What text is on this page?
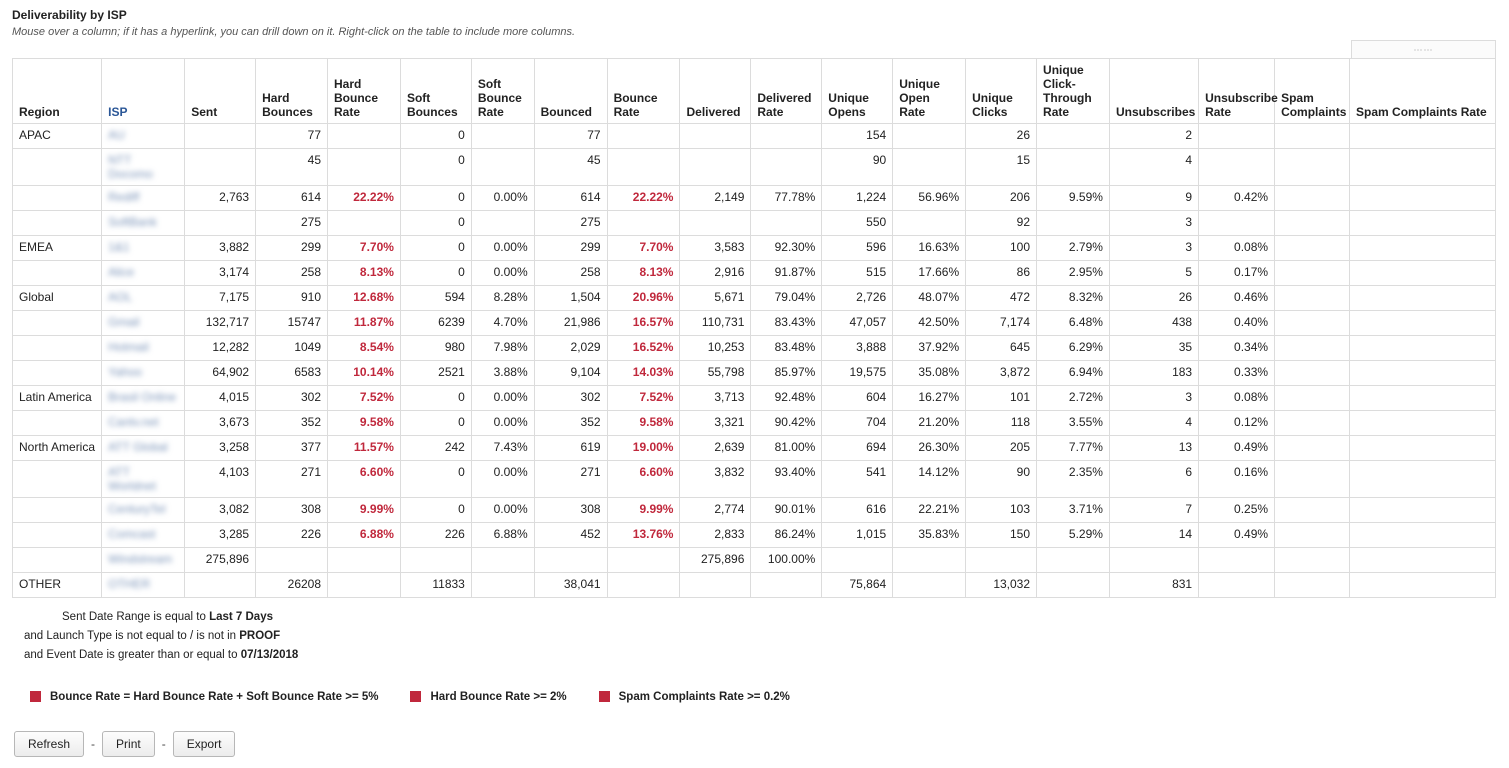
Deliverability by ISP
Mouse over a column; if it has a hyperlink, you can drill down on it. Right-click on the table to include more columns.
⋯⋯
Region	ISP	Sent	Hard Bounces	Hard Bounce Rate	Soft Bounces	Soft Bounce Rate	Bounced	Bounce Rate	Delivered	Delivered Rate	Unique Opens	Unique Open Rate	Unique Clicks	Unique Click-Through Rate	Unsubscribes	Unsubscribe Rate	Spam Complaints	Spam Complaints Rate
APAC	AU		77		0		77				154		26		2			
	NTT Docomo		45		0		45				90		15		4			
	Rediff	2,763	614	22.22%	0	0.00%	614	22.22%	2,149	77.78%	1,224	56.96%	206	9.59%	9	0.42%		
	SoftBank		275		0		275				550		92		3			
EMEA	1&1	3,882	299	7.70%	0	0.00%	299	7.70%	3,583	92.30%	596	16.63%	100	2.79%	3	0.08%		
	Alice	3,174	258	8.13%	0	0.00%	258	8.13%	2,916	91.87%	515	17.66%	86	2.95%	5	0.17%		
Global	AOL	7,175	910	12.68%	594	8.28%	1,504	20.96%	5,671	79.04%	2,726	48.07%	472	8.32%	26	0.46%		
	Gmail	132,717	15747	11.87%	6239	4.70%	21,986	16.57%	110,731	83.43%	47,057	42.50%	7,174	6.48%	438	0.40%		
	Hotmail	12,282	1049	8.54%	980	7.98%	2,029	16.52%	10,253	83.48%	3,888	37.92%	645	6.29%	35	0.34%		
	Yahoo	64,902	6583	10.14%	2521	3.88%	9,104	14.03%	55,798	85.97%	19,575	35.08%	3,872	6.94%	183	0.33%		
Latin America	Brasil Online	4,015	302	7.52%	0	0.00%	302	7.52%	3,713	92.48%	604	16.27%	101	2.72%	3	0.08%		
	Cantv.net	3,673	352	9.58%	0	0.00%	352	9.58%	3,321	90.42%	704	21.20%	118	3.55%	4	0.12%		
North America	ATT Global	3,258	377	11.57%	242	7.43%	619	19.00%	2,639	81.00%	694	26.30%	205	7.77%	13	0.49%		
	ATT Worldnet	4,103	271	6.60%	0	0.00%	271	6.60%	3,832	93.40%	541	14.12%	90	2.35%	6	0.16%		
	CenturyTel	3,082	308	9.99%	0	0.00%	308	9.99%	2,774	90.01%	616	22.21%	103	3.71%	7	0.25%		
	Comcast	3,285	226	6.88%	226	6.88%	452	13.76%	2,833	86.24%	1,015	35.83%	150	5.29%	14	0.49%		
	Windstream	275,896							275,896	100.00%								
OTHER	OTHER		26208		11833		38,041				75,864		13,032		831			
Sent Date Range is equal to Last 7 Days
and Launch Type is not equal to / is not in PROOF
and Event Date is greater than or equal to 07/13/2018
Bounce Rate = Hard Bounce Rate + Soft Bounce Rate >= 5%	Hard Bounce Rate >= 2%	Spam Complaints Rate >= 0.2%
Refresh	-	Print	-	Export
